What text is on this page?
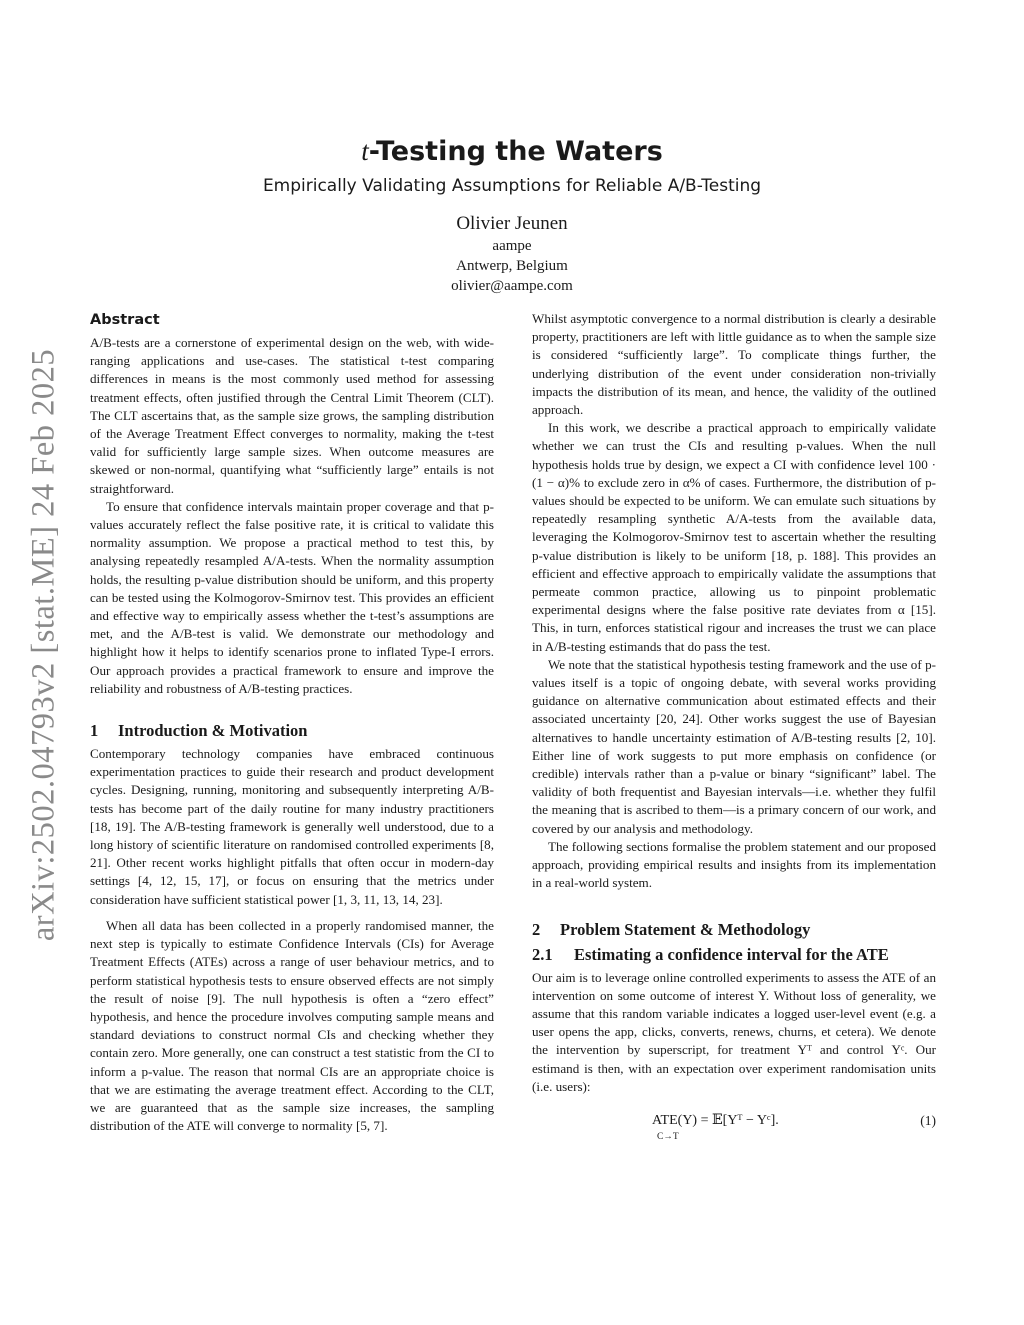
arXiv:2502.04793v2 [stat.ME] 24 Feb 2025
t-Testing the Waters
Empirically Validating Assumptions for Reliable A/B-Testing
Olivier Jeunen
aampe
Antwerp, Belgium
olivier@aampe.com
Abstract

A/B-tests are a cornerstone of experimental design on the web, with wide-ranging applications and use-cases. The statistical t-test comparing differences in means is the most commonly used method for assessing treatment effects, often justified through the Central Limit Theorem (CLT). The CLT ascertains that, as the sample size grows, the sampling distribution of the Average Treatment Effect converges to normality, making the t-test valid for sufficiently large sample sizes. When outcome measures are skewed or non-normal, quantifying what “sufficiently large” entails is not straightforward.

To ensure that confidence intervals maintain proper coverage and that p-values accurately reflect the false positive rate, it is critical to validate this normality assumption. We propose a practical method to test this, by analysing repeatedly resampled A/A-tests. When the normality assumption holds, the resulting p-value distribution should be uniform, and this property can be tested using the Kolmogorov-Smirnov test. This provides an efficient and effective way to empirically assess whether the t-test’s assumptions are met, and the A/B-test is valid. We demonstrate our methodology and highlight how it helps to identify scenarios prone to inflated Type-I errors. Our approach provides a practical framework to ensure and improve the reliability and robustness of A/B-testing practices.

1 Introduction & Motivation

Contemporary technology companies have embraced continuous experimentation practices to guide their research and product development cycles. Designing, running, monitoring and subsequently interpreting A/B-tests has become part of the daily routine for many industry practitioners [18, 19]. The A/B-testing framework is generally well understood, due to a long history of scientific literature on randomised controlled experiments [8, 21]. Other recent works highlight pitfalls that often occur in modern-day settings [4, 12, 15, 17], or focus on ensuring that the metrics under consideration have sufficient statistical power [1, 3, 11, 13, 14, 23].

When all data has been collected in a properly randomised manner, the next step is typically to estimate Confidence Intervals (CIs) for Average Treatment Effects (ATEs) across a range of user behaviour metrics, and to perform statistical hypothesis tests to ensure observed effects are not simply the result of noise [9]. The null hypothesis is often a “zero effect” hypothesis, and hence the procedure involves computing sample means and standard deviations to construct normal CIs and checking whether they contain zero. More generally, one can construct a test statistic from the CI to inform a p-value. The reason that normal CIs are an appropriate choice is that we are estimating the average treatment effect. According to the CLT, we are guaranteed that as the sample size increases, the sampling distribution of the ATE will converge to normality [5, 7].

Whilst asymptotic convergence to a normal distribution is clearly a desirable property, practitioners are left with little guidance as to when the sample size is considered “sufficiently large”. To complicate things further, the underlying distribution of the event under consideration non-trivially impacts the distribution of its mean, and hence, the validity of the outlined approach.

In this work, we describe a practical approach to empirically validate whether we can trust the CIs and resulting p-values. When the null hypothesis holds true by design, we expect a CI with confidence level 100 · (1 − α)% to exclude zero in α% of cases. Furthermore, the distribution of p-values should be expected to be uniform. We can emulate such situations by repeatedly resampling synthetic A/A-tests from the available data, leveraging the Kolmogorov-Smirnov test to ascertain whether the resulting p-value distribution is likely to be uniform [18, p. 188]. This provides an efficient and effective approach to empirically validate the assumptions that permeate common practice, allowing us to pinpoint problematic experimental designs where the false positive rate deviates from α [15]. This, in turn, enforces statistical rigour and increases the trust we can place in A/B-testing estimands that do pass the test.

We note that the statistical hypothesis testing framework and the use of p-values itself is a topic of ongoing debate, with several works providing guidance on alternative communication about estimated effects and their associated uncertainty [20, 24]. Other works suggest the use of Bayesian alternatives to handle uncertainty estimation of A/B-testing results [2, 10]. Either line of work suggests to put more emphasis on confidence (or credible) intervals rather than a p-value or binary “significant” label. The validity of both frequentist and Bayesian intervals—i.e. whether they fulfil the meaning that is ascribed to them—is a primary concern of our work, and covered by our analysis and methodology.

The following sections formalise the problem statement and our proposed approach, providing empirical results and insights from its implementation in a real-world system.

2 Problem Statement & Methodology
2.1 Estimating a confidence interval for the ATE

Our aim is to leverage online controlled experiments to assess the ATE of an intervention on some outcome of interest Y. Without loss of generality, we assume that this random variable indicates a logged user-level event (e.g. a user opens the app, clicks, converts, renews, churns, et cetera). We denote the intervention by superscript, for treatment Yᵀ and control Yᶜ. Our estimand is then, with an expectation over experiment randomisation units (i.e. users):

ATE(Y) = 𝔼[Yᵀ − Yᶜ].
C→T
(1)
